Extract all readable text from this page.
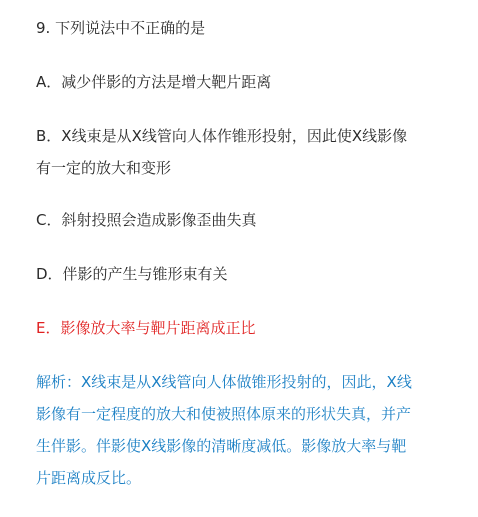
9. 下列说法中不正确的是
A．减少伴影的方法是增大靶片距离
B．X线束是从X线管向人体作锥形投射，因此使X线影像
有一定的放大和变形
C．斜射投照会造成影像歪曲失真
D．伴影的产生与锥形束有关
E．影像放大率与靶片距离成正比
解析：X线束是从X线管向人体做锥形投射的，因此，X线
影像有一定程度的放大和使被照体原来的形状失真，并产
生伴影。伴影使X线影像的清晰度减低。影像放大率与靶
片距离成反比。
